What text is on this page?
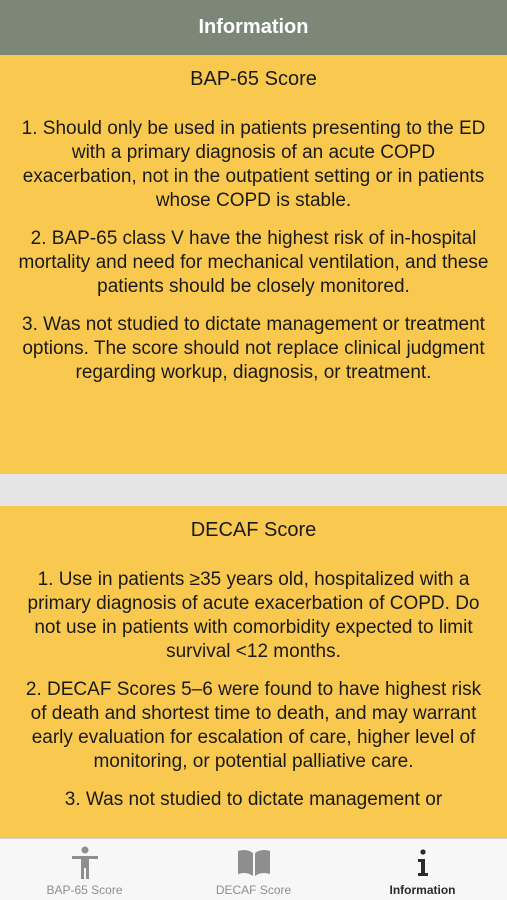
Information
BAP-65 Score

1. Should only be used in patients presenting to the ED with a primary diagnosis of an acute COPD exacerbation, not in the outpatient setting or in patients whose COPD is stable.

2. BAP-65 class V have the highest risk of in-hospital mortality and need for mechanical ventilation, and these patients should be closely monitored.

3. Was not studied to dictate management or treatment options. The score should not replace clinical judgment regarding workup, diagnosis, or treatment.

DECAF Score

1. Use in patients ≥35 years old, hospitalized with a primary diagnosis of acute exacerbation of COPD. Do not use in patients with comorbidity expected to limit survival <12 months.

2. DECAF Scores 5–6 were found to have highest risk of death and shortest time to death, and may warrant early evaluation for escalation of care, higher level of monitoring, or potential palliative care.

3. Was not studied to dictate management or

BAP-65 Score	DECAF Score	Information
